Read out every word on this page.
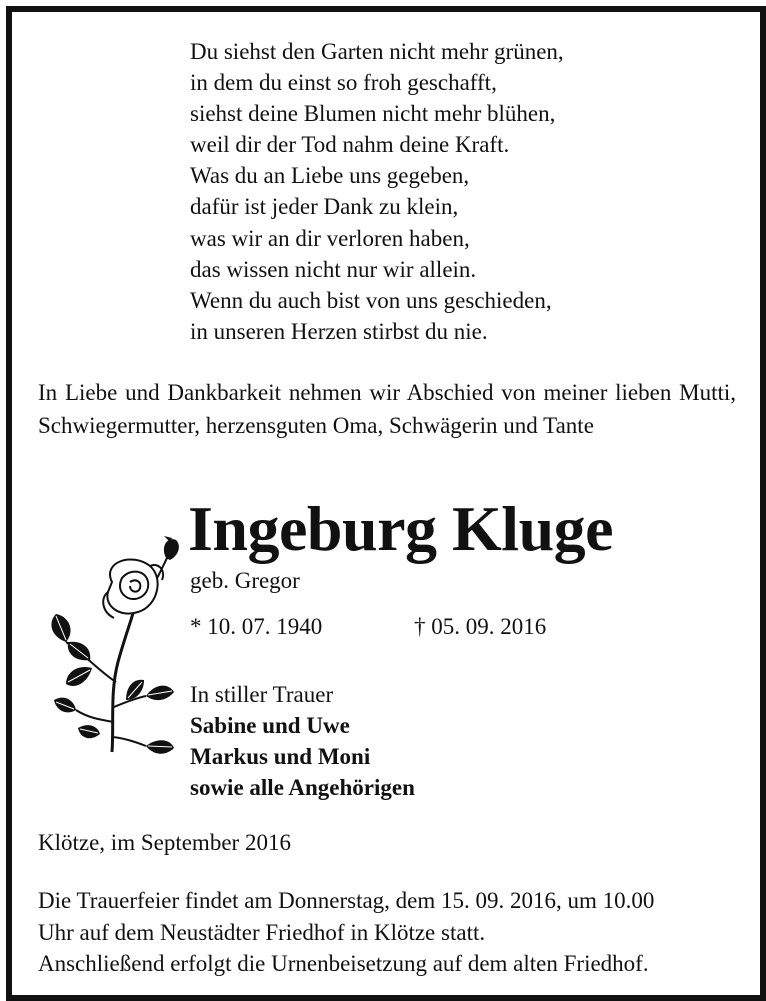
Du siehst den Garten nicht mehr grünen,
in dem du einst so froh geschafft,
siehst deine Blumen nicht mehr blühen,
weil dir der Tod nahm deine Kraft.
Was du an Liebe uns gegeben,
dafür ist jeder Dank zu klein,
was wir an dir verloren haben,
das wissen nicht nur wir allein.
Wenn du auch bist von uns geschieden,
in unseren Herzen stirbst du nie.
In Liebe und Dankbarkeit nehmen wir Abschied von meiner lieben Mutti, Schwiegermutter, herzensguten Oma, Schwägerin und Tante
Ingeburg Kluge
geb. Gregor
* 10. 07. 1940	† 05. 09. 2016
In stiller Trauer
Sabine und Uwe
Markus und Moni
sowie alle Angehörigen
Klötze, im September 2016
Die Trauerfeier findet am Donnerstag, dem 15. 09. 2016, um 10.00
Uhr auf dem Neustädter Friedhof in Klötze statt.
Anschließend erfolgt die Urnenbeisetzung auf dem alten Friedhof.
